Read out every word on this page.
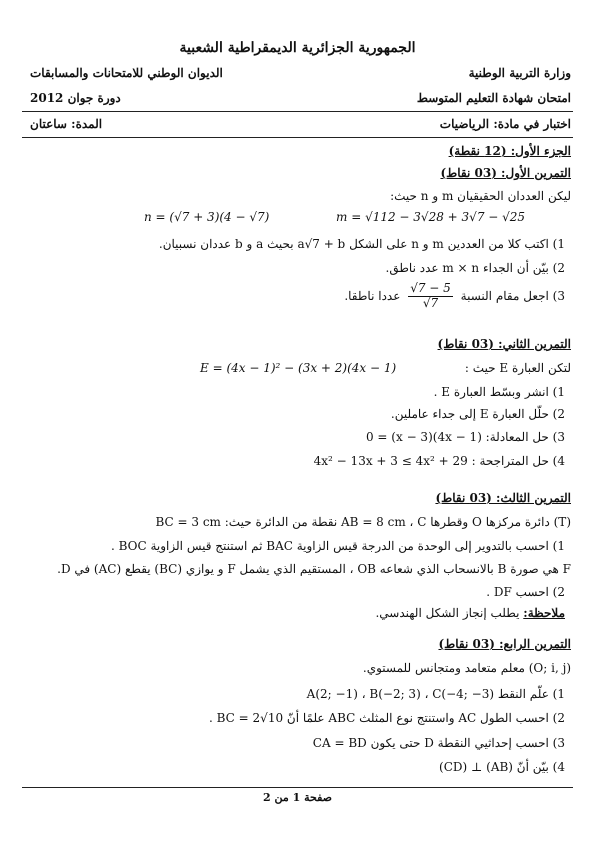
الجمهورية الجزائرية الديمقراطية الشعبية
وزارة التربية الوطنية
الديوان الوطني للامتحانات والمسابقات
امتحان شهادة التعليم المتوسط
دورة جوان 2012
اختبار في مادة: الرياضيات
المدة: ساعتان
الجزء الأول: (12 نقطة)
التمرين الأول: (03 نقاط)
ليكن العددان الحقيقيان m و n حيث:
m = √112 − 3√28 + 3√7 − √25
n = (√7 + 3)(4 − √7)
1) اكتب كلا من العددين m و n على الشكل a√7 + b بحيث a و b عددان نسبيان.
2) بيّن أن الجداء m × n عدد ناطق.
3) اجعل مقام النسبة
$\frac{√7 - 5}{√7}$
عددا ناطقا.
التمرين الثاني: (03 نقاط)
لتكن العبارة E حيث :
E = (4x − 1)² − (3x + 2)(4x − 1)
1) انشر وبسّط العبارة E .
2) حلّل العبارة E إلى جداء عاملين.
3) حل المعادلة: (4x − 1)(x − 3) = 0
4) حل المتراجحة : 4x² − 13x + 3 ≤ 4x² + 29
التمرين الثالث: (03 نقاط)
(T) دائرة مركزها O وقطرها AB = 8 cm ، C نقطة من الدائرة حيث: BC = 3 cm
1) احسب بالتدوير إلى الوحدة من الدرجة قيس الزاوية BAC ثم استنتج قيس الزاوية BOC .
F هي صورة B بالانسحاب الذي شعاعه OB ، المستقيم الذي يشمل F و يوازي (BC) يقطع (AC) في D.
2) احسب DF .
ملاحظة: يطلب إنجاز الشكل الهندسي.
التمرين الرابع: (03 نقاط)
(O; i, j) معلم متعامد ومتجانس للمستوي.
1) علّم النقط A(2; −1) ، B(−2; 3) ، C(−4; −3)
2) احسب الطول AC واستنتج نوع المثلث ABC علمًا أنّ BC = 2√10 .
3) احسب إحداثيي النقطة D حتى يكون CA = BD
4) بيّن أنّ (AB) ⊥ (CD)
صفحة 1 من 2
